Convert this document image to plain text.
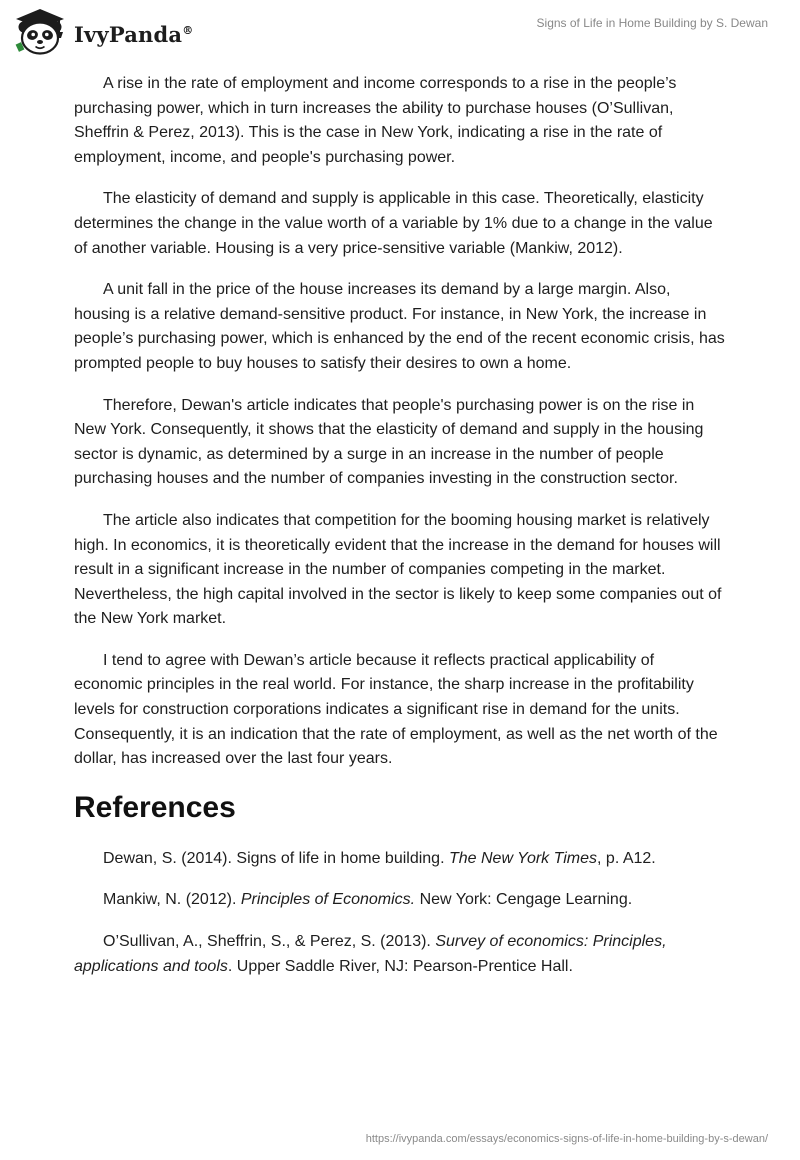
IvyPanda®	Signs of Life in Home Building by S. Dewan

A rise in the rate of employment and income corresponds to a rise in the people’s purchasing power, which in turn increases the ability to purchase houses (O’Sullivan, Sheffrin & Perez, 2013). This is the case in New York, indicating a rise in the rate of employment, income, and people's purchasing power.

The elasticity of demand and supply is applicable in this case. Theoretically, elasticity determines the change in the value worth of a variable by 1% due to a change in the value of another variable. Housing is a very price-sensitive variable (Mankiw, 2012).

A unit fall in the price of the house increases its demand by a large margin. Also, housing is a relative demand-sensitive product. For instance, in New York, the increase in people’s purchasing power, which is enhanced by the end of the recent economic crisis, has prompted people to buy houses to satisfy their desires to own a home.

Therefore, Dewan's article indicates that people's purchasing power is on the rise in New York. Consequently, it shows that the elasticity of demand and supply in the housing sector is dynamic, as determined by a surge in an increase in the number of people purchasing houses and the number of companies investing in the construction sector.

The article also indicates that competition for the booming housing market is relatively high. In economics, it is theoretically evident that the increase in the demand for houses will result in a significant increase in the number of companies competing in the market. Nevertheless, the high capital involved in the sector is likely to keep some companies out of the New York market.

I tend to agree with Dewan’s article because it reflects practical applicability of economic principles in the real world. For instance, the sharp increase in the profitability levels for construction corporations indicates a significant rise in demand for the units. Consequently, it is an indication that the rate of employment, as well as the net worth of the dollar, has increased over the last four years.

References

Dewan, S. (2014). Signs of life in home building. The New York Times, p. A12.

Mankiw, N. (2012). Principles of Economics. New York: Cengage Learning.

O’Sullivan, A., Sheffrin, S., & Perez, S. (2013). Survey of economics: Principles, applications and tools. Upper Saddle River, NJ: Pearson-Prentice Hall.

https://ivypanda.com/essays/economics-signs-of-life-in-home-building-by-s-dewan/
